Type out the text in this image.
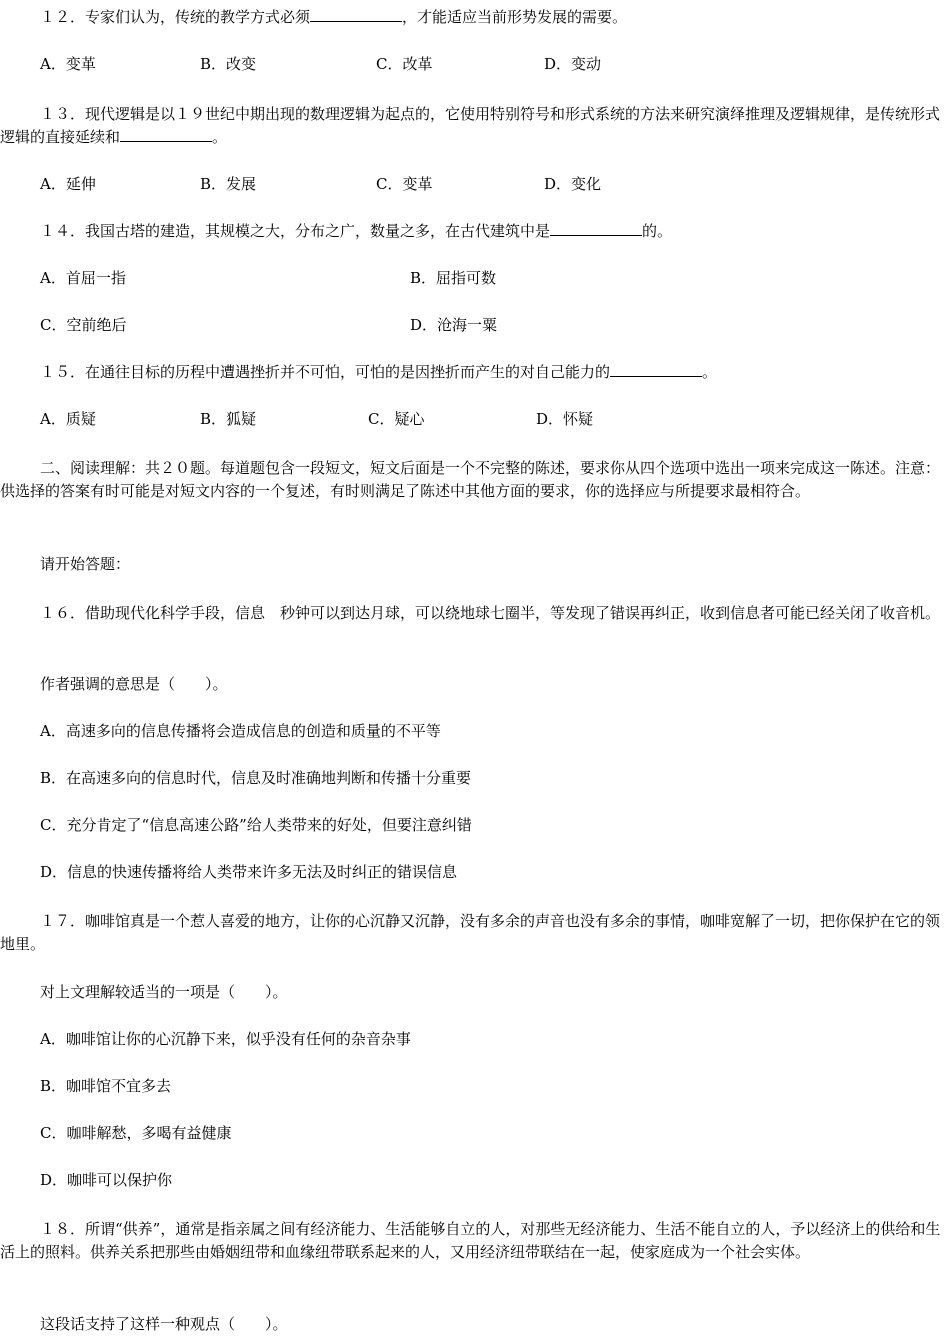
１２．专家们认为，传统的教学方式必须	，才能适应当前形势发展的需要。
A．变革	B．改变	C．改革	D．变动
１３．现代逻辑是以１９世纪中期出现的数理逻辑为起点的，它使用特别符号和形式系统的方法来研究演绎推理及逻辑规律，是传统形式逻辑的直接延续和	。
A．延伸	B．发展	C．变革	D．变化
１４．我国古塔的建造，其规模之大，分布之广，数量之多，在古代建筑中是	的。
A．首屈一指	B．屈指可数
C．空前绝后	D．沧海一粟
１５．在通往目标的历程中遭遇挫折并不可怕，可怕的是因挫折而产生的对自己能力的	。
A．质疑	B．狐疑	C．疑心	D．怀疑
二、阅读理解：共２０题。每道题包含一段短文，短文后面是一个不完整的陈述，要求你从四个选项中选出一项来完成这一陈述。注意：供选择的答案有时可能是对短文内容的一个复述，有时则满足了陈述中其他方面的要求，你的选择应与所提要求最相符合。
请开始答题：
１６．借助现代化科学手段，信息　秒钟可以到达月球，可以绕地球七圈半，等发现了错误再纠正，收到信息者可能已经关闭了收音机。
作者强调的意思是（　　）。
A．高速多向的信息传播将会造成信息的创造和质量的不平等
B．在高速多向的信息时代，信息及时准确地判断和传播十分重要
C．充分肯定了“信息高速公路”给人类带来的好处，但要注意纠错
D．信息的快速传播将给人类带来许多无法及时纠正的错误信息
１７．咖啡馆真是一个惹人喜爱的地方，让你的心沉静又沉静，没有多余的声音也没有多余的事情，咖啡宽解了一切，把你保护在它的领地里。
对上文理解较适当的一项是（　　）。
A．咖啡馆让你的心沉静下来，似乎没有任何的杂音杂事
B．咖啡馆不宜多去
C．咖啡解愁，多喝有益健康
D．咖啡可以保护你
１８．所谓“供养”，通常是指亲属之间有经济能力、生活能够自立的人，对那些无经济能力、生活不能自立的人，予以经济上的供给和生活上的照料。供养关系把那些由婚姻纽带和血缘纽带联系起来的人，又用经济纽带联结在一起，使家庭成为一个社会实体。
这段话支持了这样一种观点（　　）。
